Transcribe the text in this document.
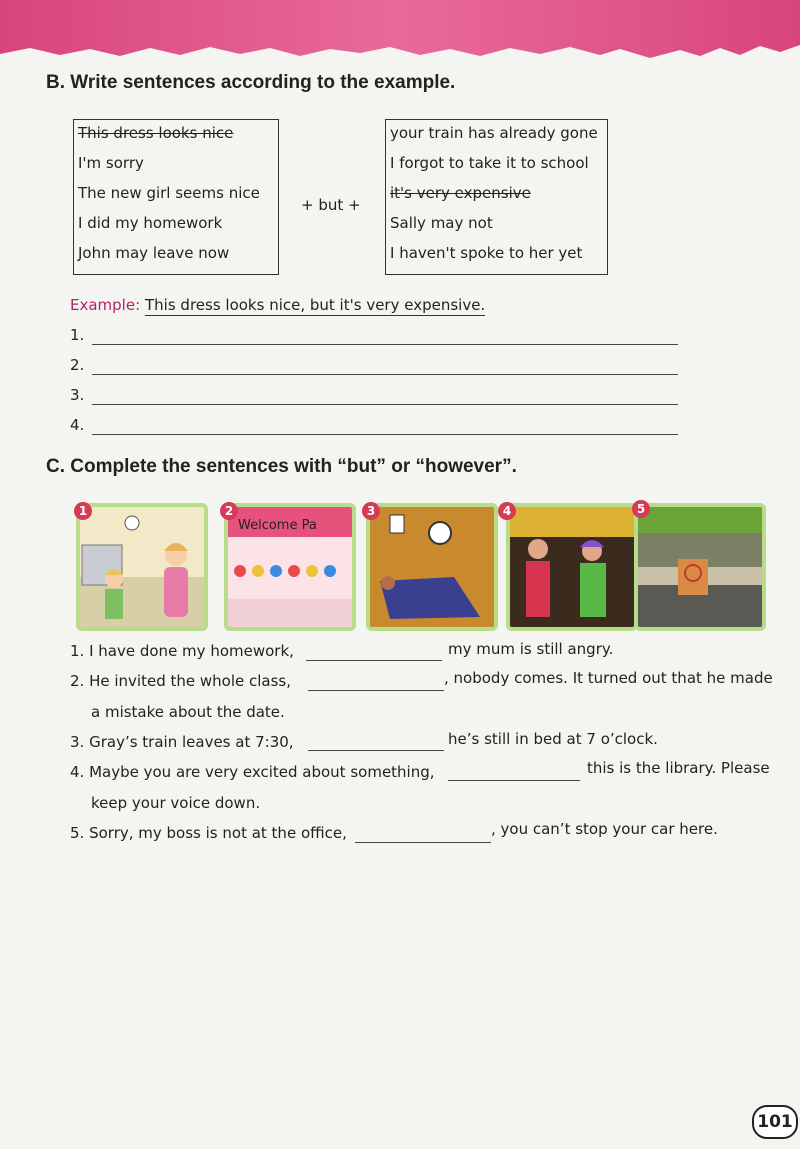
B. Write sentences according to the example.
This dress looks nice
I'm sorry
The new girl seems nice
I did my homework
John may leave now
+ but +
your train has already gone
I forgot to take it to school
it's very expensive
Sally may not
I haven't spoke to her yet
Example: This dress looks nice, but it's very expensive.
1.
2.
3.
4.
C. Complete the sentences with “but” or “however”.
Welcome Pa
1	2	3	4	5
1. I have done my homework,	my mum is still angry.
2. He invited the whole class,	, nobody comes. It turned out that he made
a mistake about the date.
3. Gray’s train leaves at 7:30,	he’s still in bed at 7 o’clock.
4. Maybe you are very excited about something,	this is the library. Please
keep your voice down.
5. Sorry, my boss is not at the office,	, you can’t stop your car here.
101
